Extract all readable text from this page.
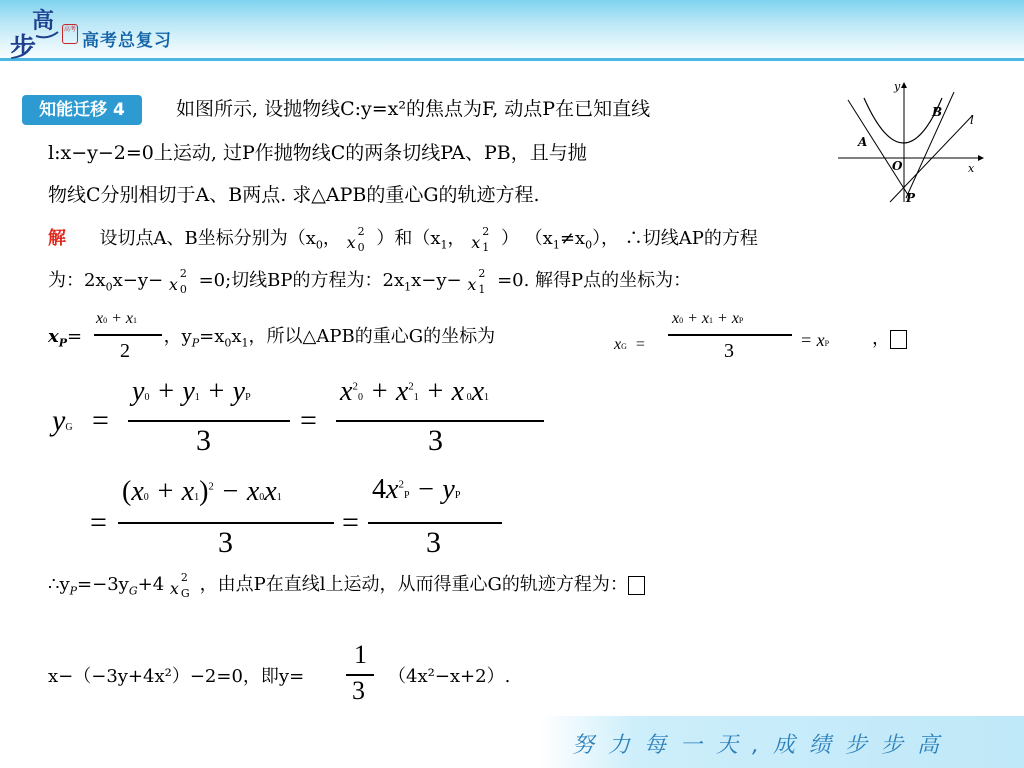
高
步
高考
高考总复习
知能迁移 4	如图所示, 设抛物线C:y=x²的焦点为F, 动点P在已知直线
l:x−y−2=0上运动, 过P作抛物线C的两条切线PA、PB，且与抛
物线C分别相切于A、B两点. 求△APB的重心G的轨迹方程.
y
x
B
A
O
P
l
解 设切点A、B坐标分别为（$x_0$， x
2
0 ）和（$x_1$， x
2
1 ） $(x_1\ne x_0)$， ∴切线AP的方程
为：$2x_0x-y- x$
2
0 =0;切线BP的方程为：$2x_1x-y- x$
2
1 =0. 解得P点的坐标为：
$x_P=$	，$y_P=x_0x_1$，所以△APB的重心G的坐标为
x0 + x1
2	xG  =
x0 + x1 + xP
3	= xP ，
yG =
y0 + y1 + yP
3
=
$x^20 + x^21 + x$ 0x1
3
=
$(x0 + x1)^2 - x0x1$
3
=
$4x^2P$ − yP
3
$\therefore y_P=-3y_G+4$ x
2
G ，由点P在直线l上运动，从而得重心G的轨迹方程为：
x−（−3y+4x²）−2=0，即y=
1
3 （4x²−x+2）.
努力每一天,成绩步步高
